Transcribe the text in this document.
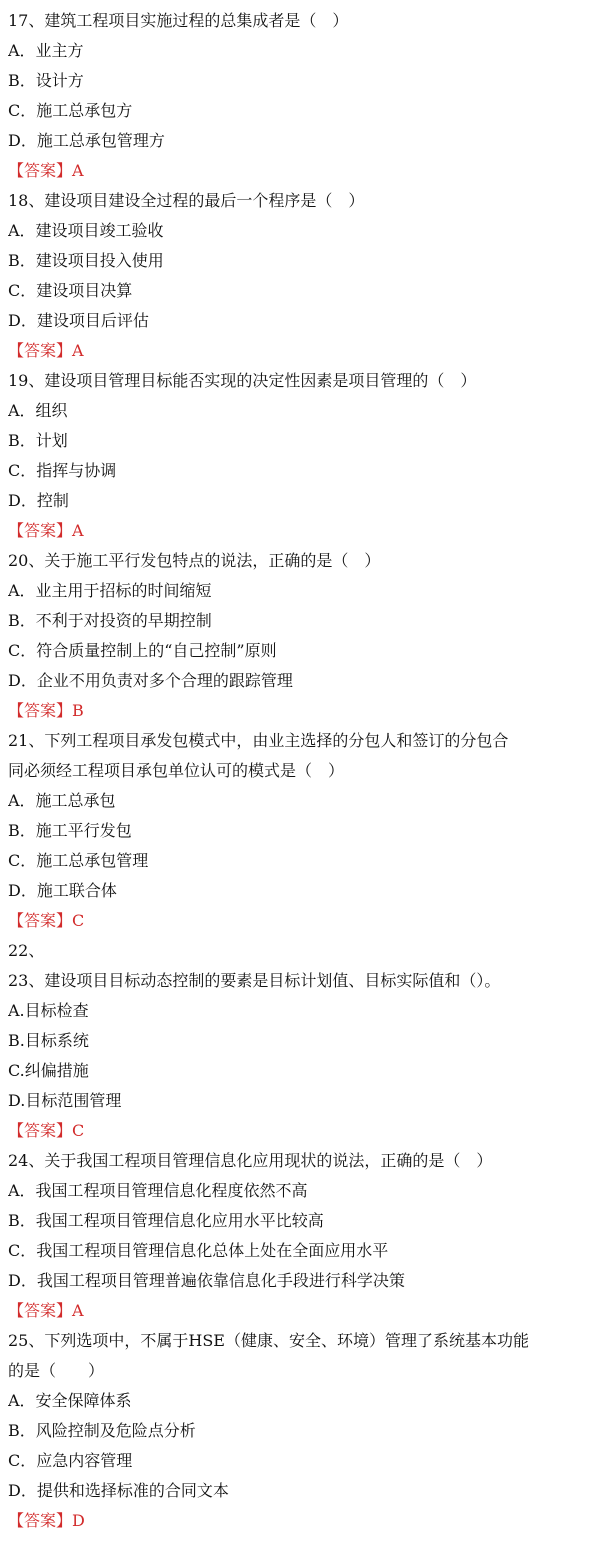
17、建筑工程项目实施过程的总集成者是（　）
A．业主方
B．设计方
C．施工总承包方
D．施工总承包管理方
【答案】A
18、建设项目建设全过程的最后一个程序是（　）
A．建设项目竣工验收
B．建设项目投入使用
C．建设项目决算
D．建设项目后评估
【答案】A
19、建设项目管理目标能否实现的决定性因素是项目管理的（　）
A．组织
B．计划
C．指挥与协调
D．控制
【答案】A
20、关于施工平行发包特点的说法，正确的是（　）
A．业主用于招标的时间缩短
B．不利于对投资的早期控制
C．符合质量控制上的“自己控制”原则
D．企业不用负责对多个合理的跟踪管理
【答案】B
21、下列工程项目承发包模式中，由业主选择的分包人和签订的分包合
同必须经工程项目承包单位认可的模式是（　）
A．施工总承包
B．施工平行发包
C．施工总承包管理
D．施工联合体
【答案】C
22、
23、建设项目目标动态控制的要素是目标计划值、目标实际值和（）。
A.目标检查
B.目标系统
C.纠偏措施
D.目标范围管理
【答案】C
24、关于我国工程项目管理信息化应用现状的说法，正确的是（　）
A．我国工程项目管理信息化程度依然不高
B．我国工程项目管理信息化应用水平比较高
C．我国工程项目管理信息化总体上处在全面应用水平
D．我国工程项目管理普遍依靠信息化手段进行科学决策
【答案】A
25、下列选项中，不属于HSE（健康、安全、环境）管理了系统基本功能
的是（　　）
A．安全保障体系
B．风险控制及危险点分析
C．应急内容管理
D．提供和选择标准的合同文本
【答案】D
